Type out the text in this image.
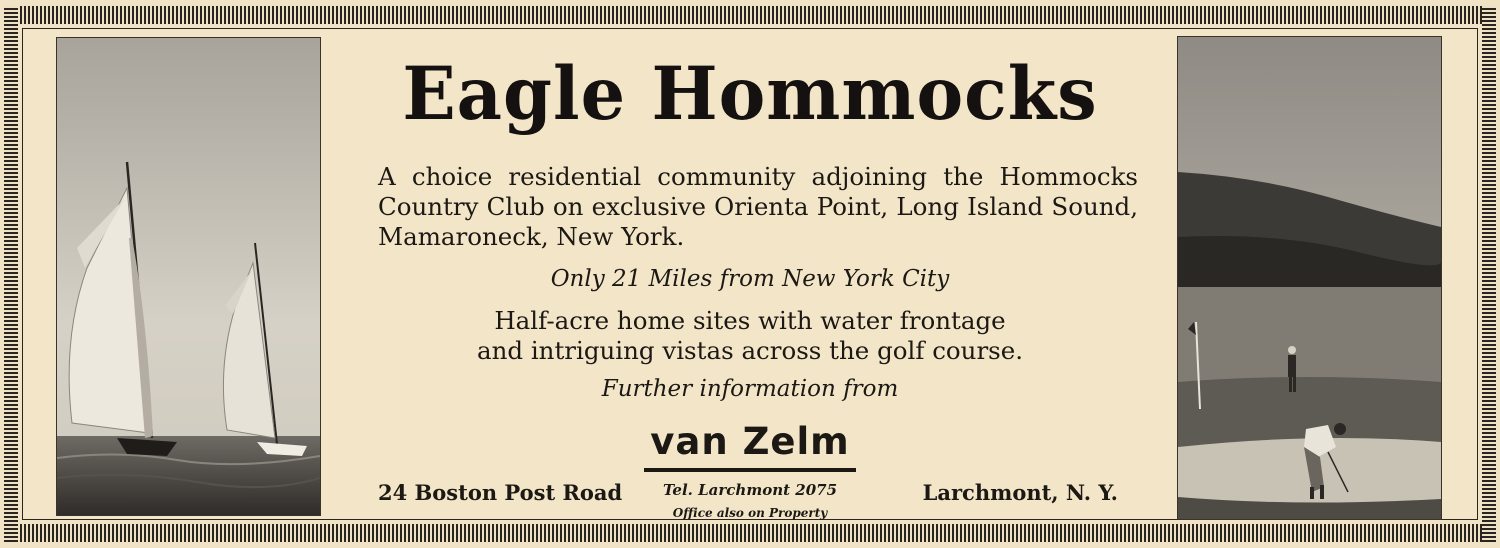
Eagle Hommocks
A choice residential community adjoining the Hommocks Country Club on exclusive Orienta Point, Long Island Sound, Mamaroneck, New York.
Only 21 Miles from New York City
Half-acre home sites with water frontage
and intriguing vistas across the golf course.
Further information from
van Zelm
24 Boston Post Road	Tel. Larchmont 2075
Office also on Property
Larchmont, N. Y.
